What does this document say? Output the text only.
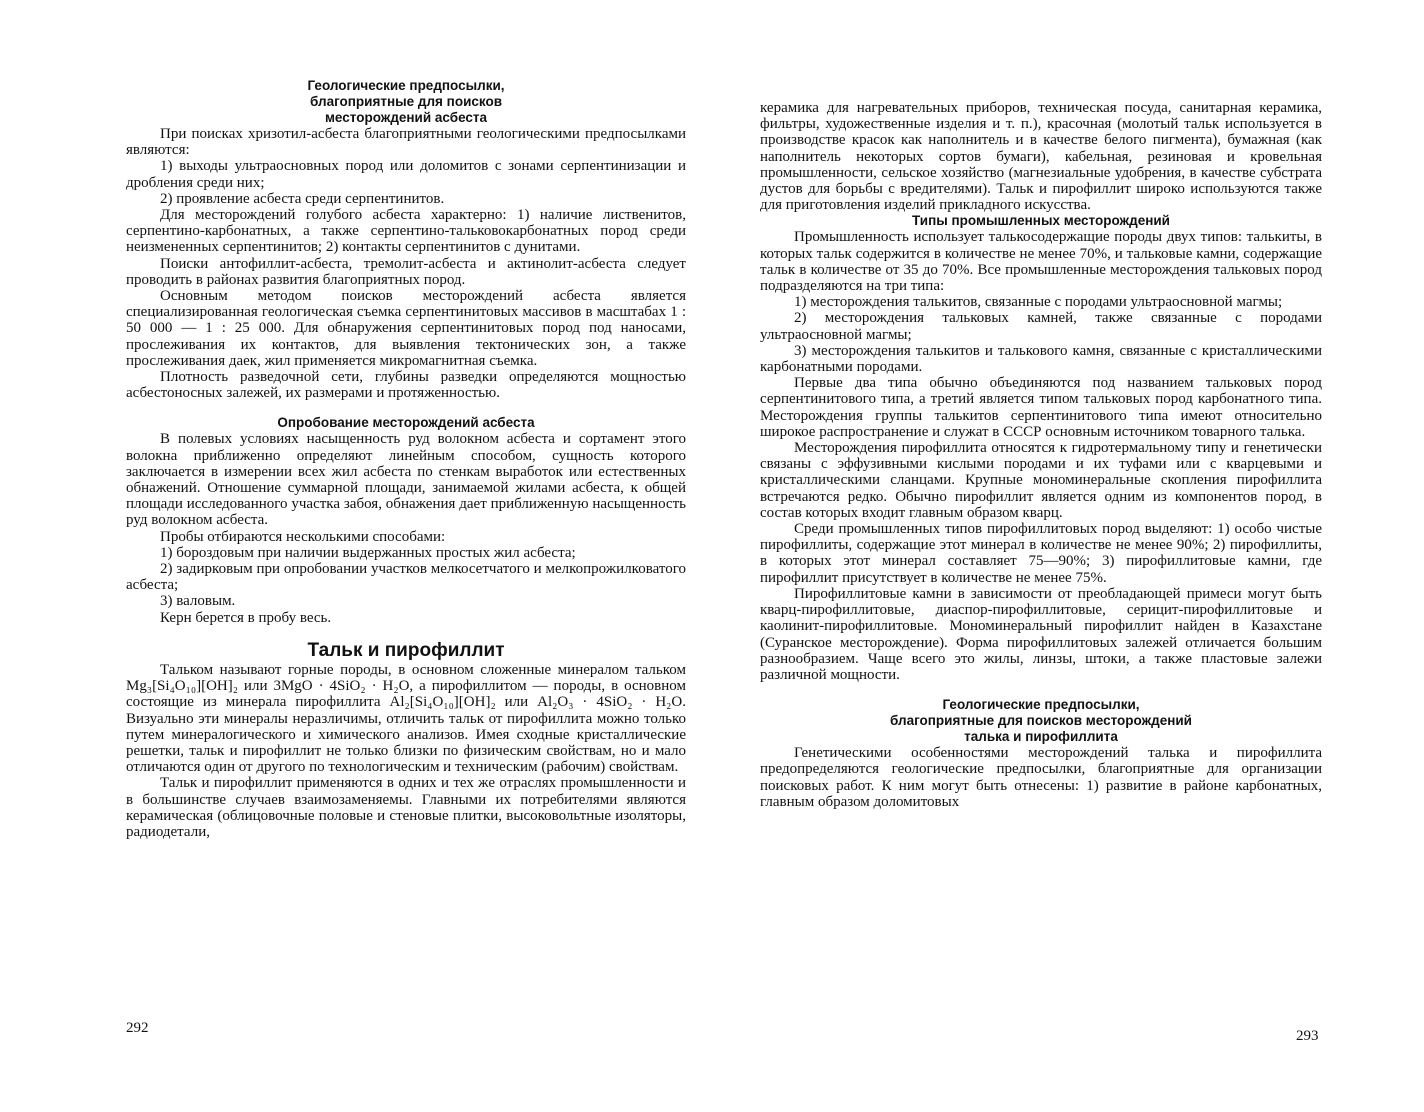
Геологические предпосылки,
благоприятные для поисков
месторождений асбеста

При поисках хризотил-асбеста благоприятными геологическими предпосылками являются:

1) выходы ультраосновных пород или доломитов с зонами серпентинизации и дробления среди них;

2) проявление асбеста среди серпентинитов.

Для месторождений голубого асбеста характерно: 1) наличие лиственитов, серпентино-карбонатных, а также серпентино-тальковокарбонатных пород среди неизмененных серпентинитов; 2) контакты серпентинитов с дунитами.

Поиски антофиллит-асбеста, тремолит-асбеста и актинолит-асбеста следует проводить в районах развития благоприятных пород.

Основным методом поисков месторождений асбеста является специализированная геологическая съемка серпентинитовых массивов в масштабах 1 : 50 000 — 1 : 25 000. Для обнаружения серпентинитовых пород под наносами, прослеживания их контактов, для выявления тектонических зон, а также прослеживания даек, жил применяется микромагнитная съемка.

Плотность разведочной сети, глубины разведки определяются мощностью асбестоносных залежей, их размерами и протяженностью.

Опробование месторождений асбеста

В полевых условиях насыщенность руд волокном асбеста и сортамент этого волокна приближенно определяют линейным способом, сущность которого заключается в измерении всех жил асбеста по стенкам выработок или естественных обнажений. Отношение суммарной площади, занимаемой жилами асбеста, к общей площади исследованного участка забоя, обнажения дает приближенную насыщенность руд волокном асбеста.

Пробы отбираются несколькими способами:

1) бороздовым при наличии выдержанных простых жил асбеста;

2) задирковым при опробовании участков мелкосетчатого и мелкопрожилковатого асбеста;

3) валовым.

Керн берется в пробу весь.

Тальк и пирофиллит

Тальком называют горные породы, в основном сложенные минералом тальком Mg₃[Si₄O₁₀][OH]₂ или 3MgO · 4SiO₂ · H₂O, а пирофиллитом — породы, в основном состоящие из минерала пирофиллита Al₂[Si₄O₁₀][OH]₂ или Al₂O₃ · 4SiO₂ · H₂O. Визуально эти минералы неразличимы, отличить тальк от пирофиллита можно только путем минералогического и химического анализов. Имея сходные кристаллические решетки, тальк и пирофиллит не только близки по физическим свойствам, но и мало отличаются один от другого по технологическим и техническим (рабочим) свойствам.

Тальк и пирофиллит применяются в одних и тех же отраслях промышленности и в большинстве случаев взаимозаменяемы. Главными их потребителями являются керамическая (облицовочные половые и стеновые плитки, высоковольтные изоляторы, радиодетали,

292

керамика для нагревательных приборов, техническая посуда, санитарная керамика, фильтры, художественные изделия и т. п.), красочная (молотый тальк используется в производстве красок как наполнитель и в качестве белого пигмента), бумажная (как наполнитель некоторых сортов бумаги), кабельная, резиновая и кровельная промышленности, сельское хозяйство (магнезиальные удобрения, в качестве субстрата дустов для борьбы с вредителями). Тальк и пирофиллит широко используются также для приготовления изделий прикладного искусства.

Типы промышленных месторождений

Промышленность использует талькосодержащие породы двух типов: талькиты, в которых тальк содержится в количестве не менее 70%, и тальковые камни, содержащие тальк в количестве от 35 до 70%. Все промышленные месторождения тальковых пород подразделяются на три типа:

1) месторождения талькитов, связанные с породами ультраосновной магмы;

2) месторождения тальковых камней, также связанные с породами ультраосновной магмы;

3) месторождения талькитов и талькового камня, связанные с кристаллическими карбонатными породами.

Первые два типа обычно объединяются под названием тальковых пород серпентинитового типа, а третий является типом тальковых пород карбонатного типа. Месторождения группы талькитов серпентинитового типа имеют относительно широкое распространение и служат в СССР основным источником товарного талька.

Месторождения пирофиллита относятся к гидротермальному типу и генетически связаны с эффузивными кислыми породами и их туфами или с кварцевыми и кристаллическими сланцами. Крупные мономинеральные скопления пирофиллита встречаются редко. Обычно пирофиллит является одним из компонентов пород, в состав которых входит главным образом кварц.

Среди промышленных типов пирофиллитовых пород выделяют: 1) особо чистые пирофиллиты, содержащие этот минерал в количестве не менее 90%; 2) пирофиллиты, в которых этот минерал составляет 75—90%; 3) пирофиллитовые камни, где пирофиллит присутствует в количестве не менее 75%.

Пирофиллитовые камни в зависимости от преобладающей примеси могут быть кварц-пирофиллитовые, диаспор-пирофиллитовые, серицит-пирофиллитовые и каолинит-пирофиллитовые. Мономинеральный пирофиллит найден в Казахстане (Суранское месторождение). Форма пирофиллитовых залежей отличается большим разнообразием. Чаще всего это жилы, линзы, штоки, а также пластовые залежи различной мощности.

Геологические предпосылки,
благоприятные для поисков месторождений
талька и пирофиллита

Генетическими особенностями месторождений талька и пирофиллита предопределяются геологические предпосылки, благоприятные для организации поисковых работ. К ним могут быть отнесены: 1) развитие в районе карбонатных, главным образом доломитовых

293
